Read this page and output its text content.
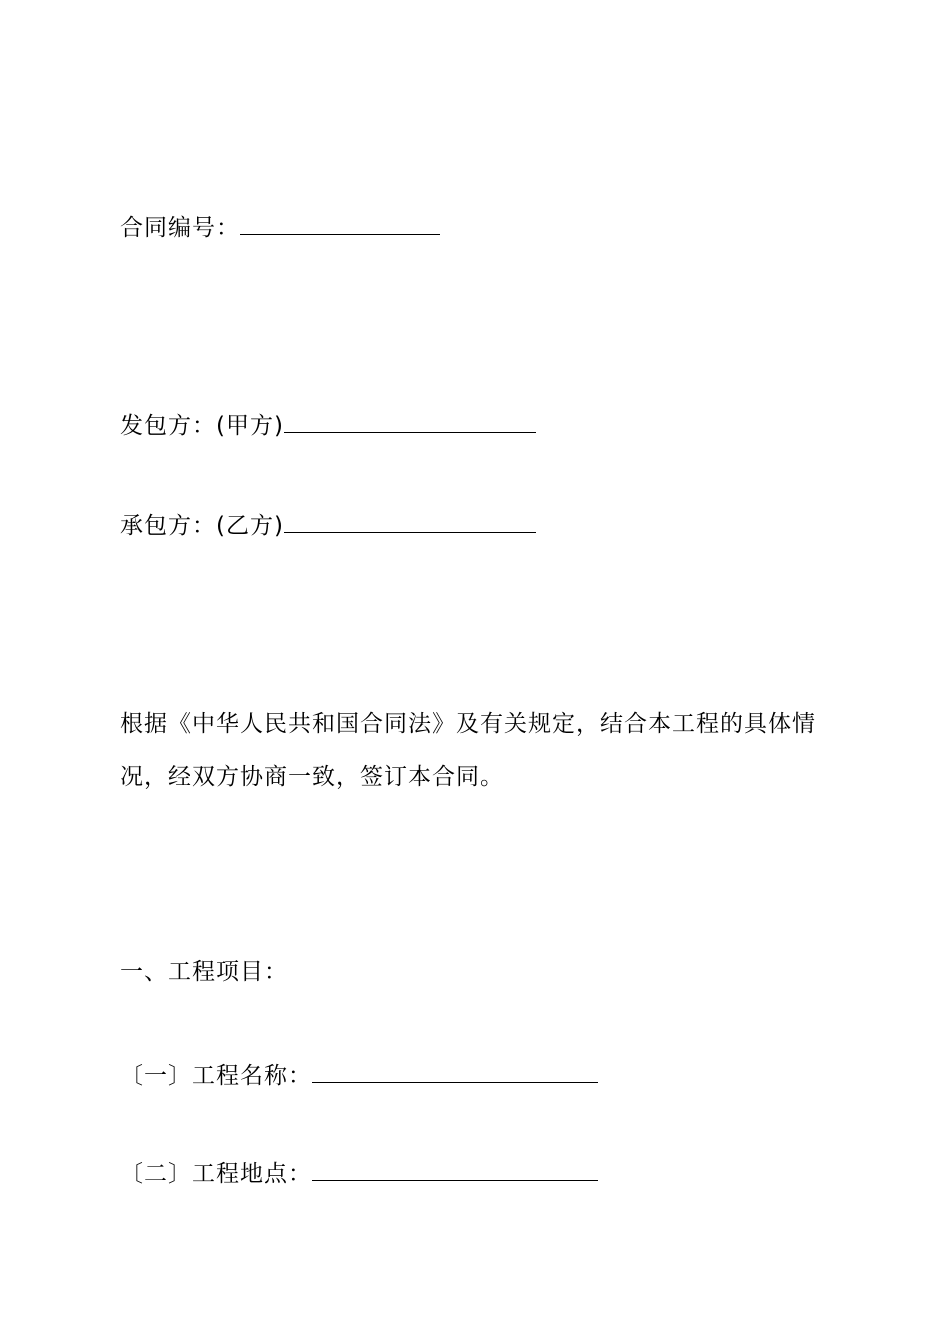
合同编号：
发包方：(甲方)
承包方：(乙方)
根据《中华人民共和国合同法》及有关规定，结合本工程的具体情况，经双方协商一致，签订本合同。
一、工程项目：
〔一〕工程名称：
〔二〕工程地点：
